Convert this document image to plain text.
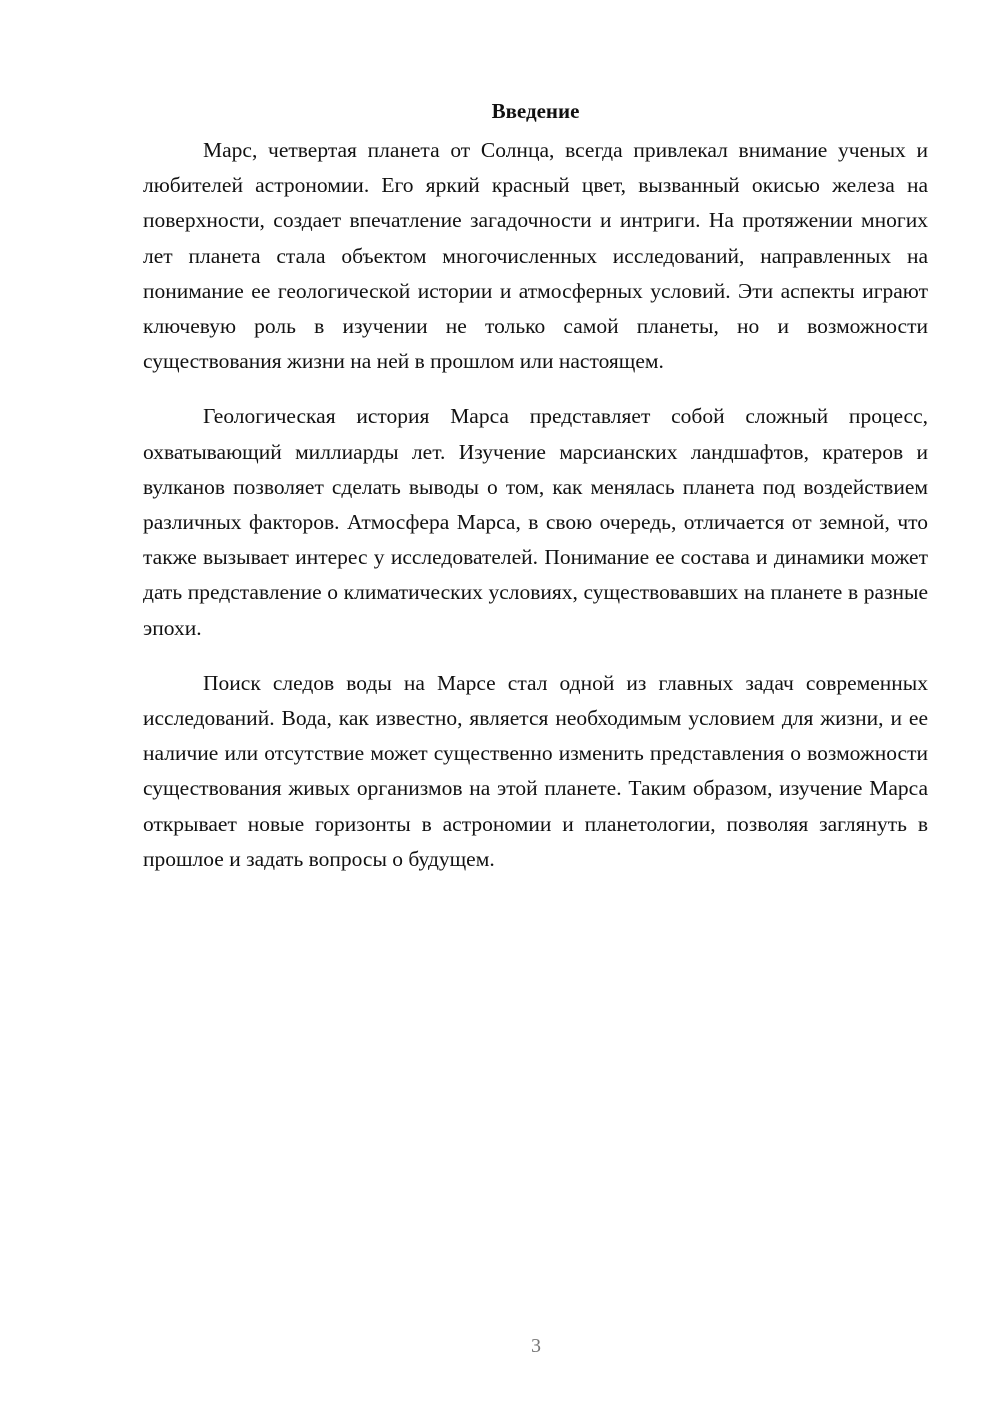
Введение

Марс, четвертая планета от Солнца, всегда привлекал внимание ученых и любителей астрономии. Его яркий красный цвет, вызванный окисью железа на поверхности, создает впечатление загадочности и интриги. На протяжении многих лет планета стала объектом многочисленных исследований, направленных на понимание ее геологической истории и атмосферных условий. Эти аспекты играют ключевую роль в изучении не только самой планеты, но и возможности существования жизни на ней в прошлом или настоящем.

Геологическая история Марса представляет собой сложный процесс, охватывающий миллиарды лет. Изучение марсианских ландшафтов, кратеров и вулканов позволяет сделать выводы о том, как менялась планета под воздействием различных факторов. Атмосфера Марса, в свою очередь, отличается от земной, что также вызывает интерес у исследователей. Понимание ее состава и динамики может дать представление о климатических условиях, существовавших на планете в разные эпохи.

Поиск следов воды на Марсе стал одной из главных задач современных исследований. Вода, как известно, является необходимым условием для жизни, и ее наличие или отсутствие может существенно изменить представления о возможности существования живых организмов на этой планете. Таким образом, изучение Марса открывает новые горизонты в астрономии и планетологии, позволяя заглянуть в прошлое и задать вопросы о будущем.

3
